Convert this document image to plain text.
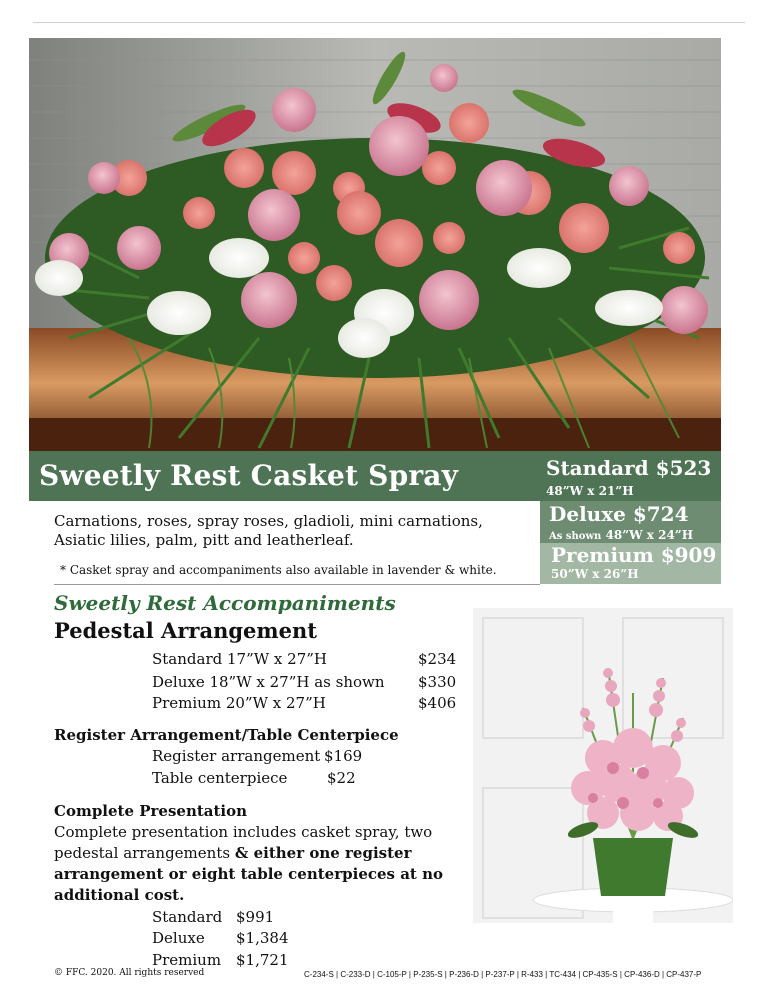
Sweetly Rest Casket Spray	Standard $523
48”W x 21”H
Deluxe $724
As shown 48”W x 24”H
Premium $909
50”W x 26”H
Carnations, roses, spray roses, gladioli, mini carnations, Asiatic lilies, palm, pitt and leatherleaf.
* Casket spray and accompaniments also available in lavender & white.
Sweetly Rest Accompaniments
Pedestal Arrangement
Standard 17”W x 27”H	$234
Deluxe 18”W x 27”H as shown $330
Premium 20”W x 27”H	$406
Register Arrangement/Table Centerpiece
Register arrangement $169
Table centerpiece	$22
Complete Presentation
Complete presentation includes casket spray, two pedestal arrangements & either one register arrangement or eight table centerpieces at no additional cost.
Standard $991
Deluxe $1,384
Premium $1,721
© FFC. 2020. All rights reserved	C-234-S | C-233-D | C-105-P | P-235-S | P-236-D | P-237-P | R-433 | TC-434 | CP-435-S | CP-436-D | CP-437-P
